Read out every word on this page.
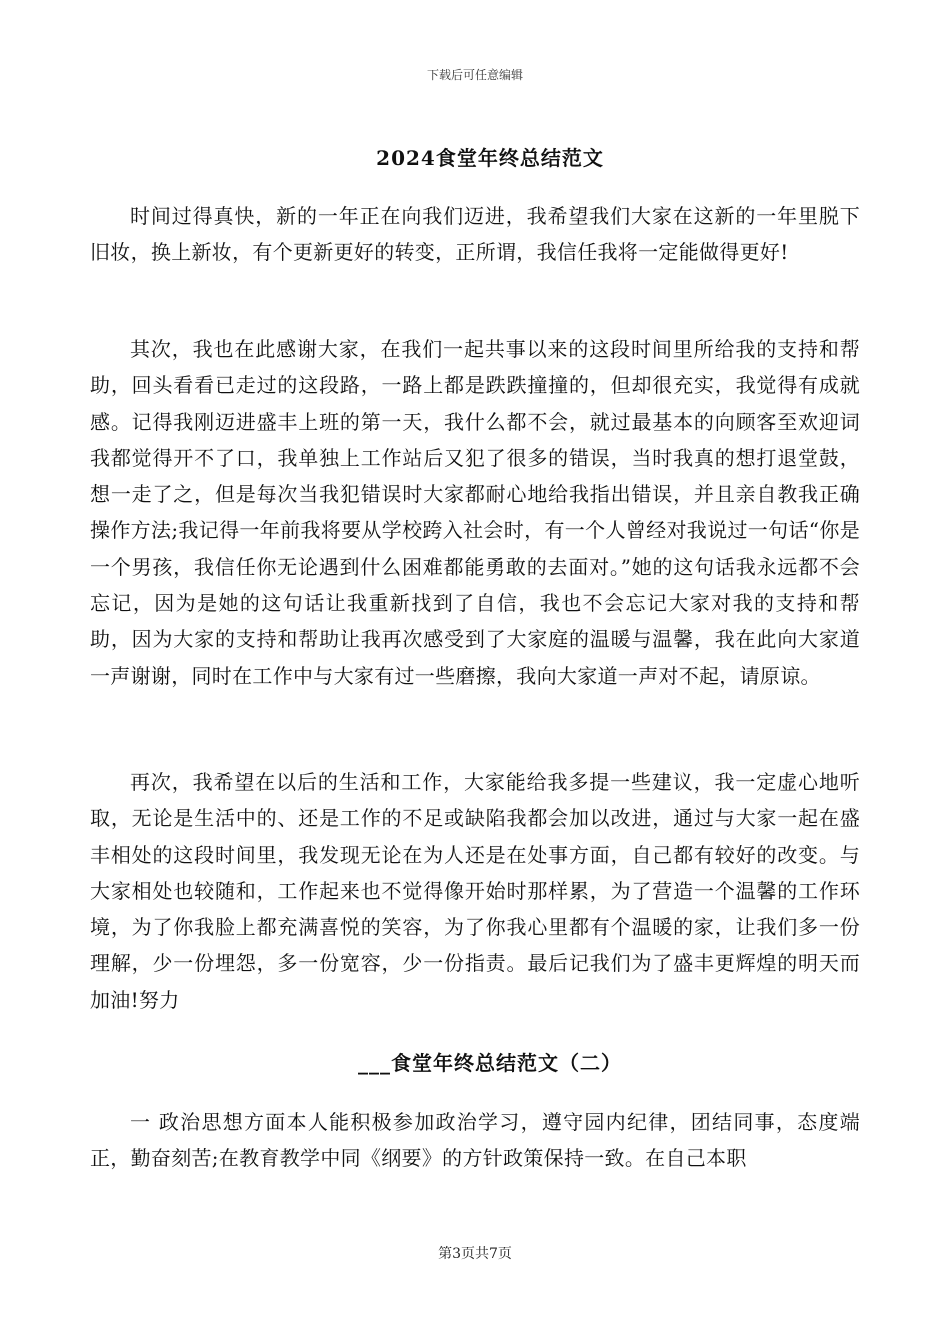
下载后可任意编辑
2024食堂年终总结范文

时间过得真快，新的一年正在向我们迈进，我希望我们大家在这新的一年里脱下旧妆，换上新妆，有个更新更好的转变，正所谓，我信任我将一定能做得更好!

其次，我也在此感谢大家，在我们一起共事以来的这段时间里所给我的支持和帮助，回头看看已走过的这段路，一路上都是跌跌撞撞的，但却很充实，我觉得有成就感。记得我刚迈进盛丰上班的第一天，我什么都不会，就过最基本的向顾客至欢迎词我都觉得开不了口，我单独上工作站后又犯了很多的错误，当时我真的想打退堂鼓，想一走了之，但是每次当我犯错误时大家都耐心地给我指出错误，并且亲自教我正确操作方法;我记得一年前我将要从学校跨入社会时，有一个人曾经对我说过一句话“你是一个男孩，我信任你无论遇到什么困难都能勇敢的去面对。”她的这句话我永远都不会忘记，因为是她的这句话让我重新找到了自信，我也不会忘记大家对我的支持和帮助，因为大家的支持和帮助让我再次感受到了大家庭的温暖与温馨，我在此向大家道一声谢谢，同时在工作中与大家有过一些磨擦，我向大家道一声对不起，请原谅。

再次，我希望在以后的生活和工作，大家能给我多提一些建议，我一定虚心地听取，无论是生活中的、还是工作的不足或缺陷我都会加以改进，通过与大家一起在盛丰相处的这段时间里，我发现无论在为人还是在处事方面，自己都有较好的改变。与大家相处也较随和，工作起来也不觉得像开始时那样累，为了营造一个温馨的工作环境，为了你我脸上都充满喜悦的笑容，为了你我心里都有个温暖的家，让我们多一份理解，少一份埋怨，多一份宽容，少一份指责。最后记我们为了盛丰更辉煌的明天而加油!努力

___食堂年终总结范文（二）

一 政治思想方面本人能积极参加政治学习，遵守园内纪律，团结同事，态度端正，勤奋刻苦;在教育教学中同《纲要》的方针政策保持一致。在自己本职

第3页共7页
